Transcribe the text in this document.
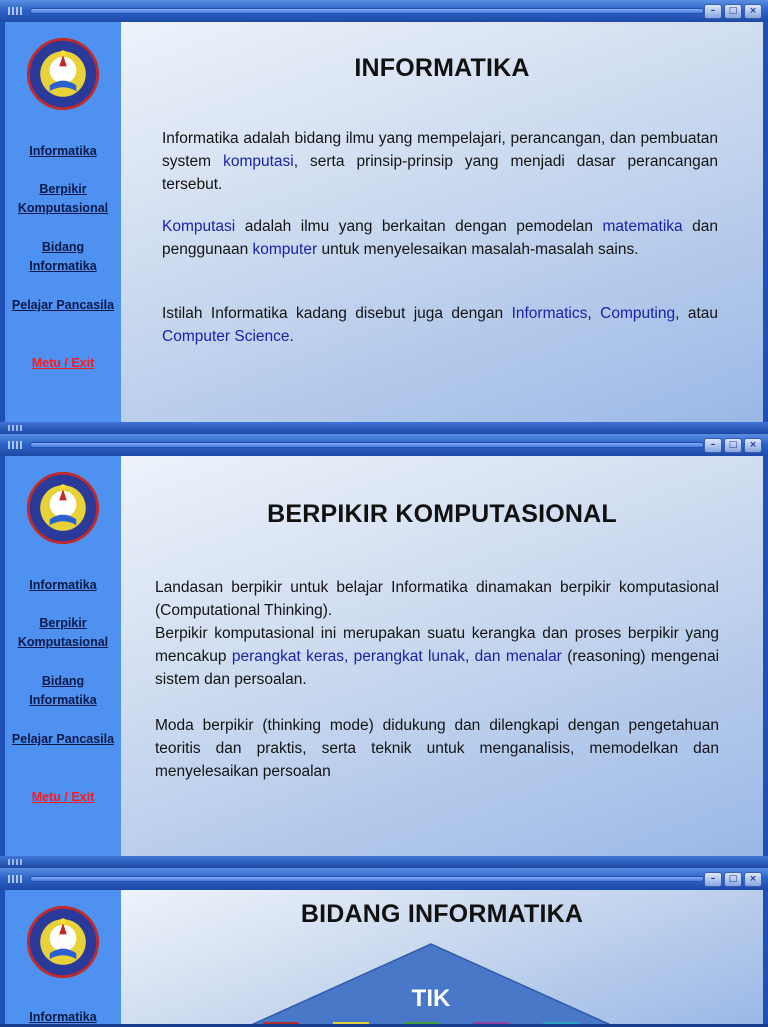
–	□	×
Informatika
Berpikir Komputasional
Bidang Informatika
Pelajar Pancasila
Metu / Exit
INFORMATIKA
Informatika adalah bidang ilmu yang mempelajari, perancangan, dan pembuatan system komputasi, serta prinsip-prinsip yang menjadi dasar perancangan tersebut.
Komputasi adalah ilmu yang berkaitan dengan pemodelan matematika dan penggunaan komputer untuk menyelesaikan masalah-masalah sains.
Istilah Informatika kadang disebut juga dengan Informatics, Computing, atau Computer Science.
–	□	×
Informatika
Berpikir Komputasional
Bidang Informatika
Pelajar Pancasila
Metu / Exit
BERPIKIR KOMPUTASIONAL
Landasan berpikir untuk belajar Informatika dinamakan berpikir komputasional (Computational Thinking).
Berpikir komputasional ini merupakan suatu kerangka dan proses berpikir yang mencakup perangkat keras, perangkat lunak, dan menalar (reasoning) mengenai sistem dan persoalan.
Moda berpikir (thinking mode) didukung dan dilengkapi dengan pengetahuan teoritis dan praktis, serta teknik untuk menganalisis, memodelkan dan menyelesaikan persoalan
–	□	×
Informatika
BIDANG INFORMATIKA
TIK
